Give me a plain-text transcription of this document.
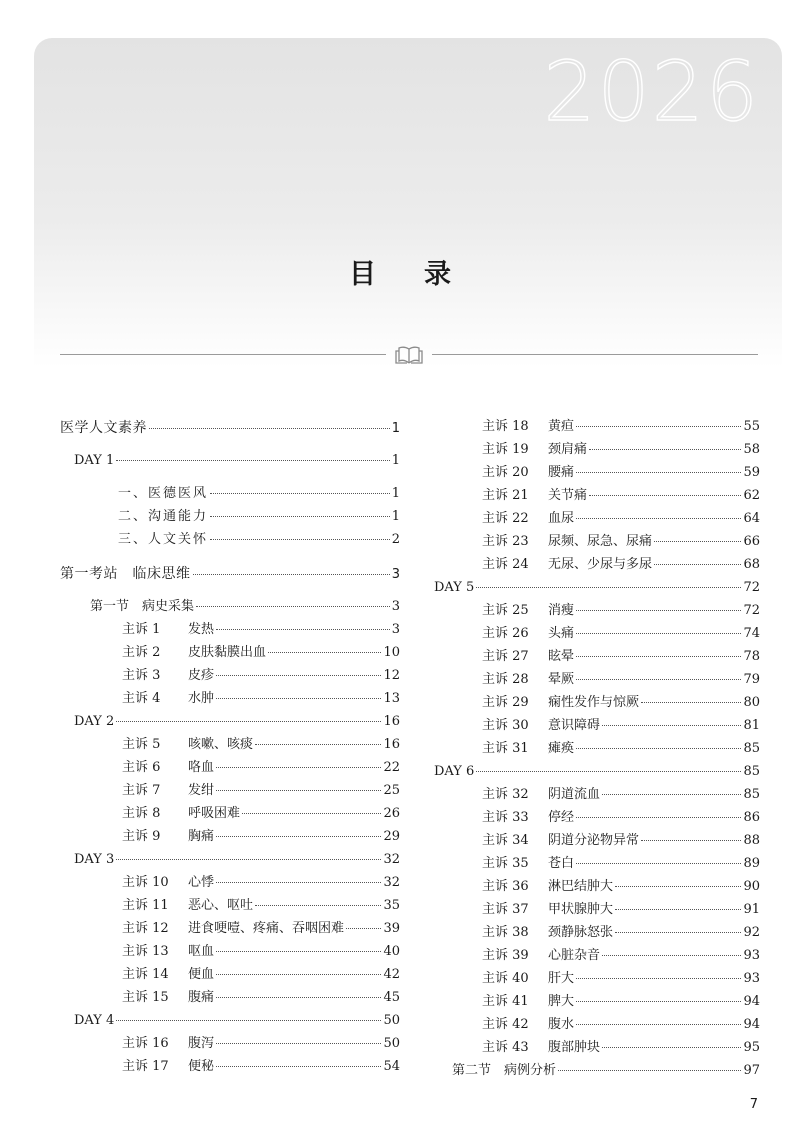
2026
目录
医学人文素养	1
DAY 1	1
一、医德医风	1
二、沟通能力	1
三、人文关怀	2
第一考站　临床思维	3
第一节　病史采集	3
主诉 1	发热	3
主诉 2	皮肤黏膜出血	10
主诉 3	皮疹	12
主诉 4	水肿	13
DAY 2	16
主诉 5	咳嗽、咳痰	16
主诉 6	咯血	22
主诉 7	发绀	25
主诉 8	呼吸困难	26
主诉 9	胸痛	29
DAY 3	32
主诉 10	心悸	32
主诉 11	恶心、呕吐	35
主诉 12	进食哽噎、疼痛、吞咽困难	39
主诉 13	呕血	40
主诉 14	便血	42
主诉 15	腹痛	45
DAY 4	50
主诉 16	腹泻	50
主诉 17	便秘	54
主诉 18	黄疸	55
主诉 19	颈肩痛	58
主诉 20	腰痛	59
主诉 21	关节痛	62
主诉 22	血尿	64
主诉 23	尿频、尿急、尿痛	66
主诉 24	无尿、少尿与多尿	68
DAY 5	72
主诉 25	消瘦	72
主诉 26	头痛	74
主诉 27	眩晕	78
主诉 28	晕厥	79
主诉 29	痫性发作与惊厥	80
主诉 30	意识障碍	81
主诉 31	瘫痪	85
DAY 6	85
主诉 32	阴道流血	85
主诉 33	停经	86
主诉 34	阴道分泌物异常	88
主诉 35	苍白	89
主诉 36	淋巴结肿大	90
主诉 37	甲状腺肿大	91
主诉 38	颈静脉怒张	92
主诉 39	心脏杂音	93
主诉 40	肝大	93
主诉 41	脾大	94
主诉 42	腹水	94
主诉 43	腹部肿块	95
第二节　病例分析	97
7
